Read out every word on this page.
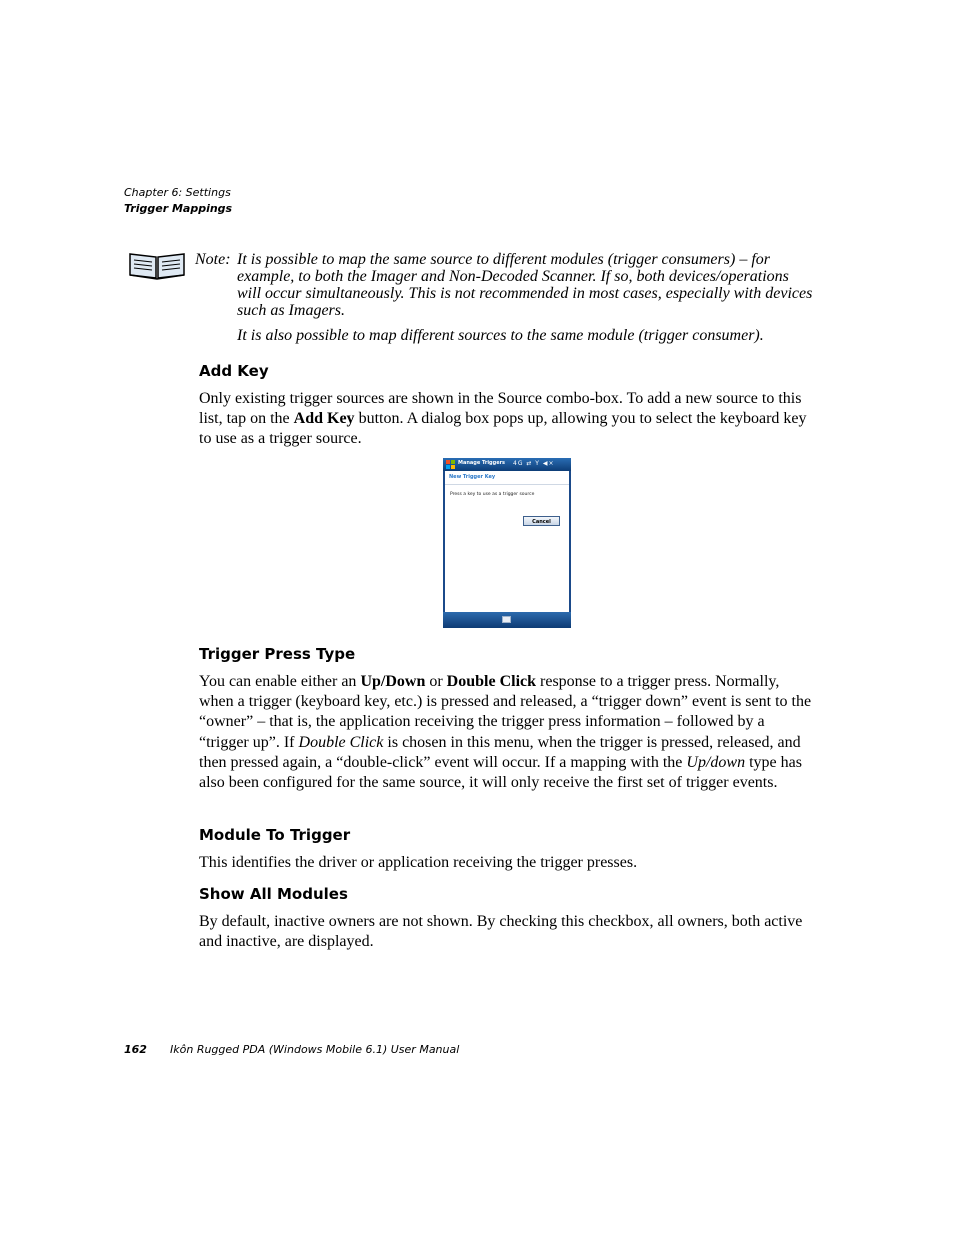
Chapter 6: Settings
Trigger Mappings
Note: It is possible to map the same source to different modules (trigger consumers) – for example, to both the Imager and Non-Decoded Scanner. If so, both devices/operations will occur simultaneously. This is not recommended in most cases, especially with devices such as Imagers.
It is also possible to map different sources to the same module (trigger consumer).
Add Key
Only existing trigger sources are shown in the Source combo-box. To add a new source to this list, tap on the Add Key button. A dialog box pops up, allowing you to select the keyboard key to use as a trigger source.
Manage Triggers 4G ⇄ Y ◀×
New Trigger Key
Press a key to use as a trigger source
Cancel
Trigger Press Type
You can enable either an Up/Down or Double Click response to a trigger press. Normally, when a trigger (keyboard key, etc.) is pressed and released, a “trigger down” event is sent to the “owner” – that is, the application receiving the trigger press information – followed by a “trigger up”. If Double Click is chosen in this menu, when the trigger is pressed, released, and then pressed again, a “double-click” event will occur. If a mapping with the Up/down type has also been configured for the same source, it will only receive the first set of trigger events.
Module To Trigger
This identifies the driver or application receiving the trigger presses.
Show All Modules
By default, inactive owners are not shown. By checking this checkbox, all owners, both active and inactive, are displayed.
162 Ikôn Rugged PDA (Windows Mobile 6.1) User Manual
